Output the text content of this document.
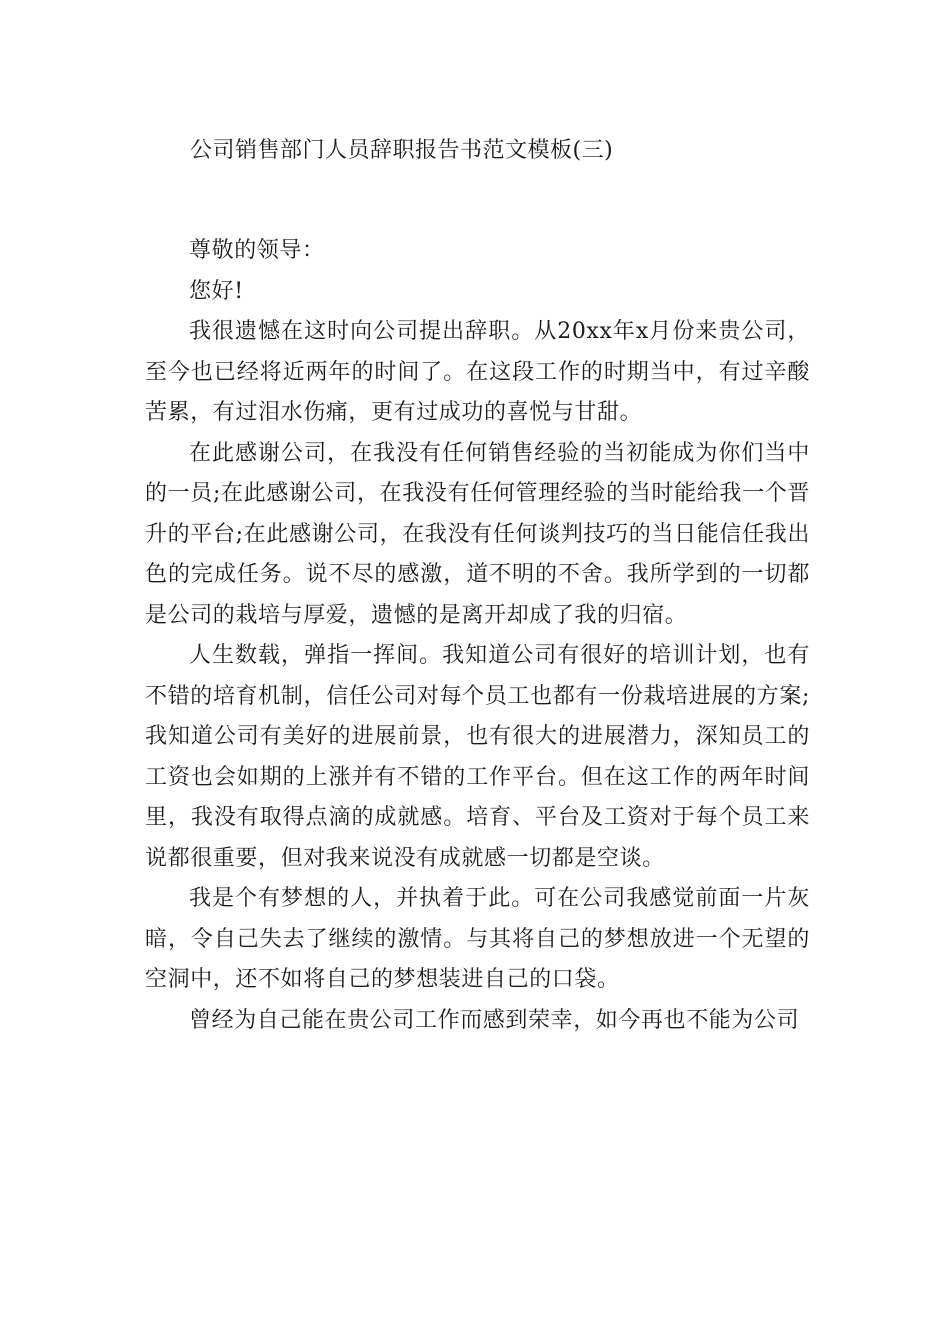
公司销售部门人员辞职报告书范文模板(三)

尊敬的领导：

您好!

我很遗憾在这时向公司提出辞职。从20xx年x月份来贵公司，至今也已经将近两年的时间了。在这段工作的时期当中，有过辛酸苦累，有过泪水伤痛，更有过成功的喜悦与甘甜。

在此感谢公司，在我没有任何销售经验的当初能成为你们当中的一员;在此感谢公司，在我没有任何管理经验的当时能给我一个晋升的平台;在此感谢公司，在我没有任何谈判技巧的当日能信任我出色的完成任务。说不尽的感激，道不明的不舍。我所学到的一切都是公司的栽培与厚爱，遗憾的是离开却成了我的归宿。

人生数载，弹指一挥间。我知道公司有很好的培训计划，也有不错的培育机制，信任公司对每个员工也都有一份栽培进展的方案;我知道公司有美好的进展前景，也有很大的进展潜力，深知员工的工资也会如期的上涨并有不错的工作平台。但在这工作的两年时间里，我没有取得点滴的成就感。培育、平台及工资对于每个员工来说都很重要，但对我来说没有成就感一切都是空谈。

我是个有梦想的人，并执着于此。可在公司我感觉前面一片灰暗，令自己失去了继续的激情。与其将自己的梦想放进一个无望的空洞中，还不如将自己的梦想装进自己的口袋。

曾经为自己能在贵公司工作而感到荣幸，如今再也不能为公司
